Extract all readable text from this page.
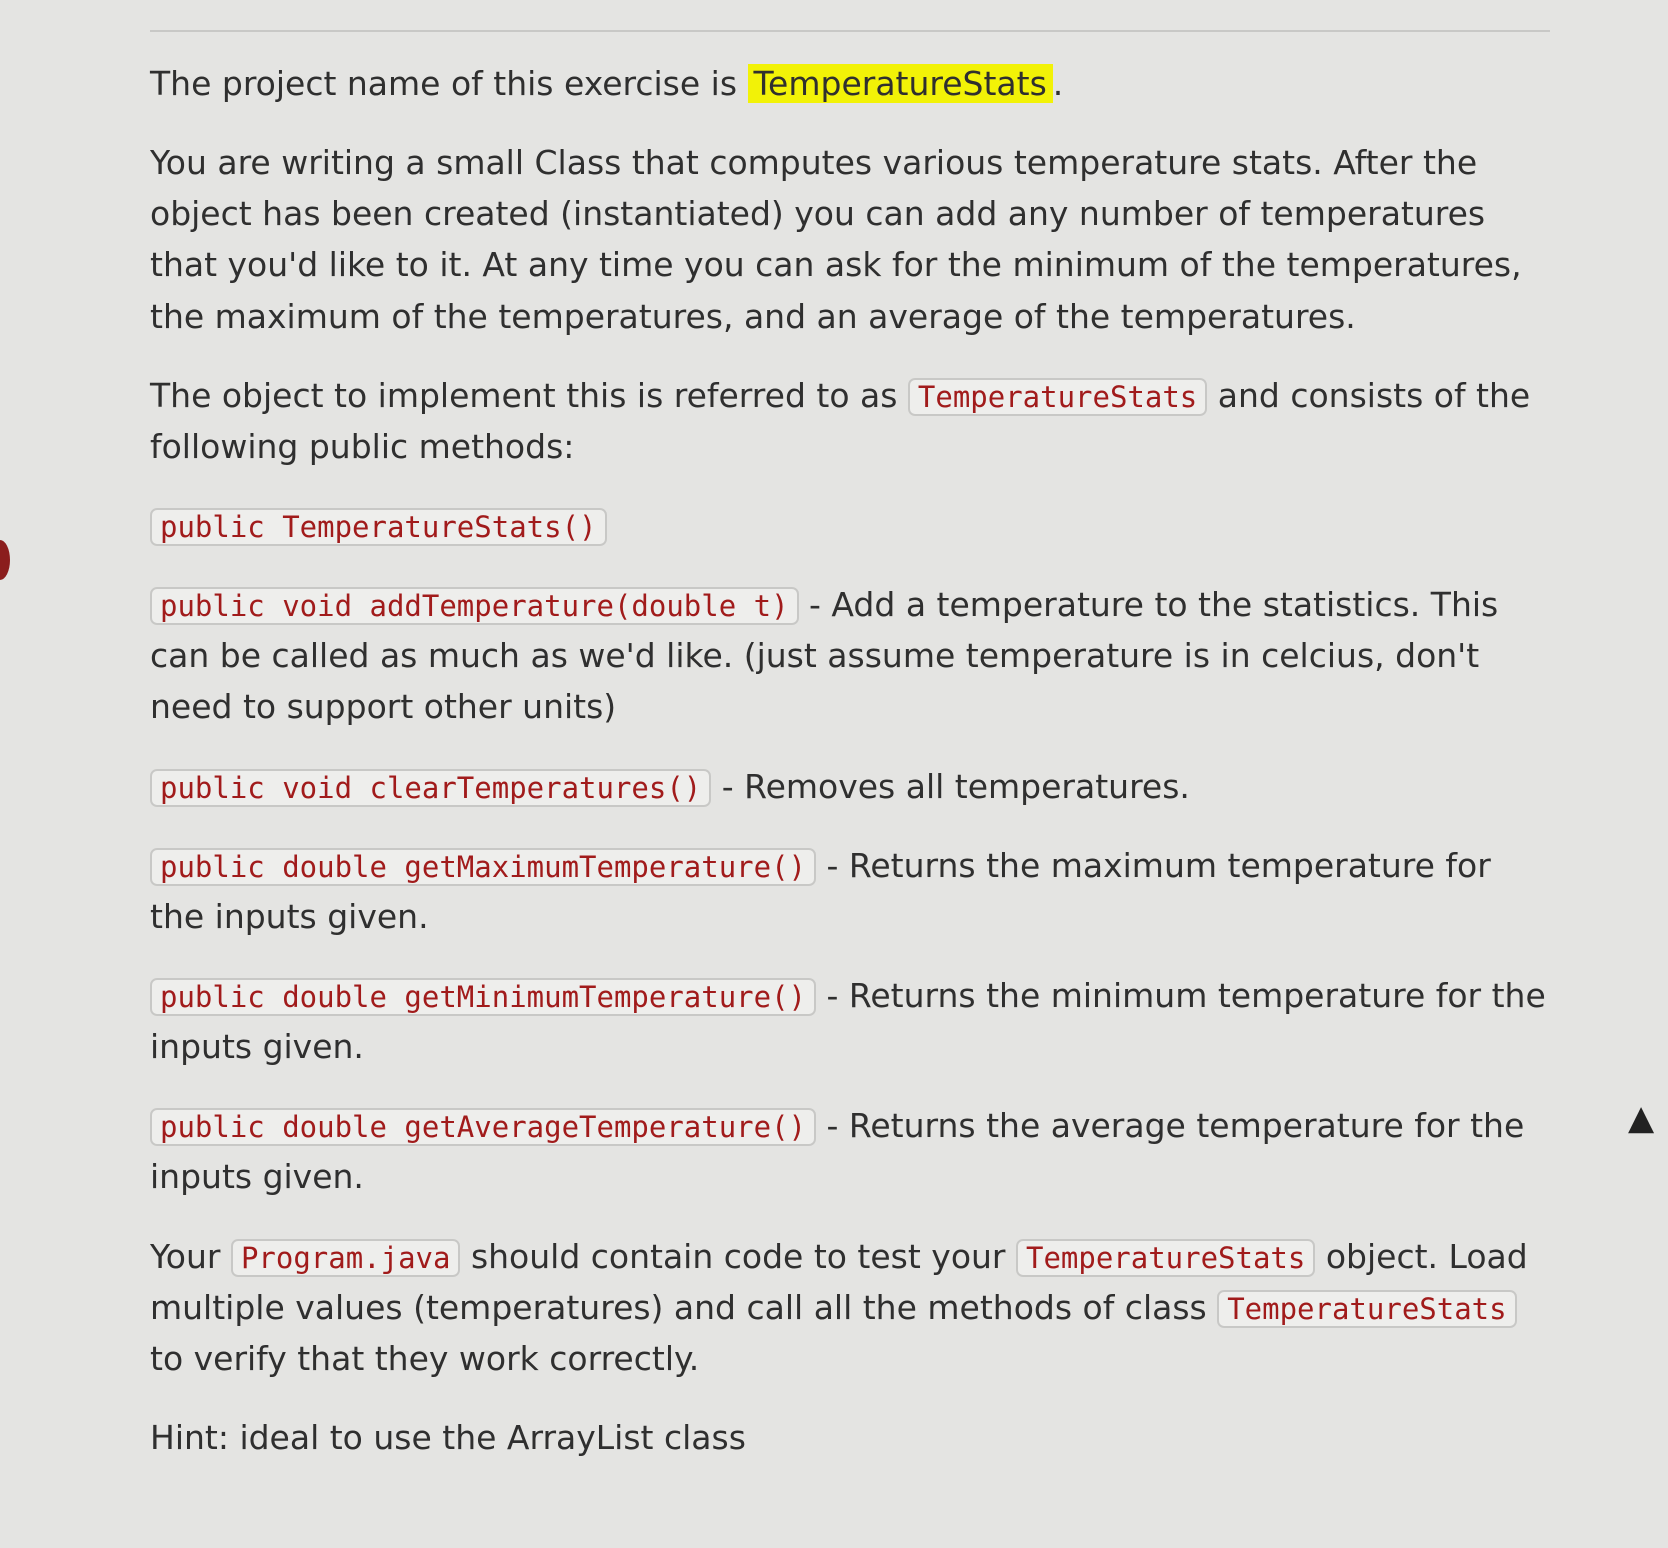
▲

The project name of this exercise is TemperatureStats .

You are writing a small Class that computes various temperature stats. After the object has been created (instantiated) you can add any number of temperatures that you'd like to it. At any time you can ask for the minimum of the temperatures, the maximum of the temperatures, and an average of the temperatures.

The object to implement this is referred to as TemperatureStats and consists of the following public methods:

public TemperatureStats()

public void addTemperature(double t) - Add a temperature to the statistics. This can be called as much as we'd like. (just assume temperature is in celcius, don't need to support other units)

public void clearTemperatures() - Removes all temperatures.

public double getMaximumTemperature() - Returns the maximum temperature for the inputs given.

public double getMinimumTemperature() - Returns the minimum temperature for the inputs given.

public double getAverageTemperature() - Returns the average temperature for the inputs given.

Your Program.java should contain code to test your TemperatureStats object. Load multiple values (temperatures) and call all the methods of class TemperatureStats to verify that they work correctly.

Hint: ideal to use the ArrayList class
